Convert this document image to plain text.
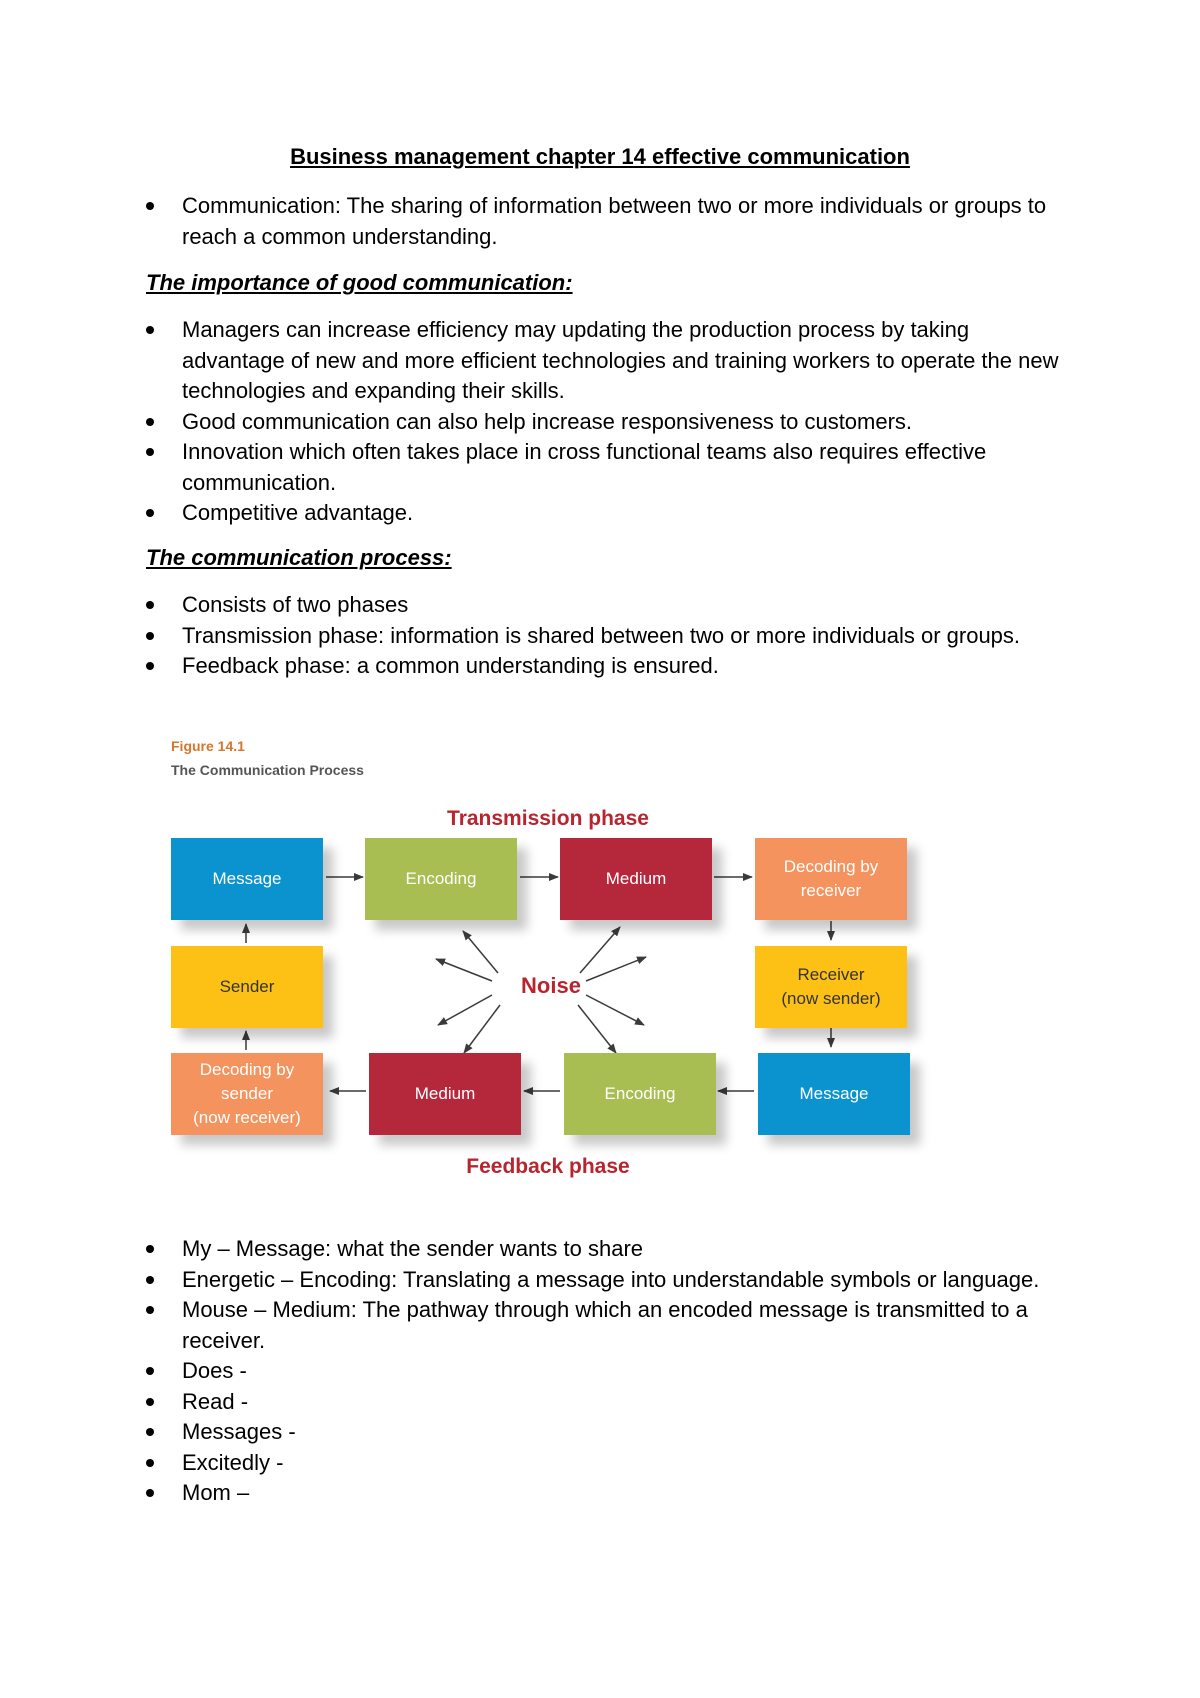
Business management chapter 14 effective communication
Communication: The sharing of information between two or more individuals or groups to reach a common understanding.
The importance of good communication:
Managers can increase efficiency may updating the production process by taking advantage of new and more efficient technologies and training workers to operate the new technologies and expanding their skills.
Good communication can also help increase responsiveness to customers.
Innovation which often takes place in cross functional teams also requires effective communication.
Competitive advantage.
The communication process:
Consists of two phases
Transmission phase: information is shared between two or more individuals or groups.
Feedback phase: a common understanding is ensured.
Figure 14.1
The Communication Process
Transmission phase
Message	Encoding	Medium
Decoding by
receiver
Sender	Noise	Receiver
(now sender)
Decoding by
sender
(now receiver)
Medium	Encoding	Message
Feedback phase
My – Message: what the sender wants to share
Energetic – Encoding: Translating a message into understandable symbols or language.
Mouse – Medium: The pathway through which an encoded message is transmitted to a receiver.
Does -
Read -
Messages -
Excitedly -
Mom –
